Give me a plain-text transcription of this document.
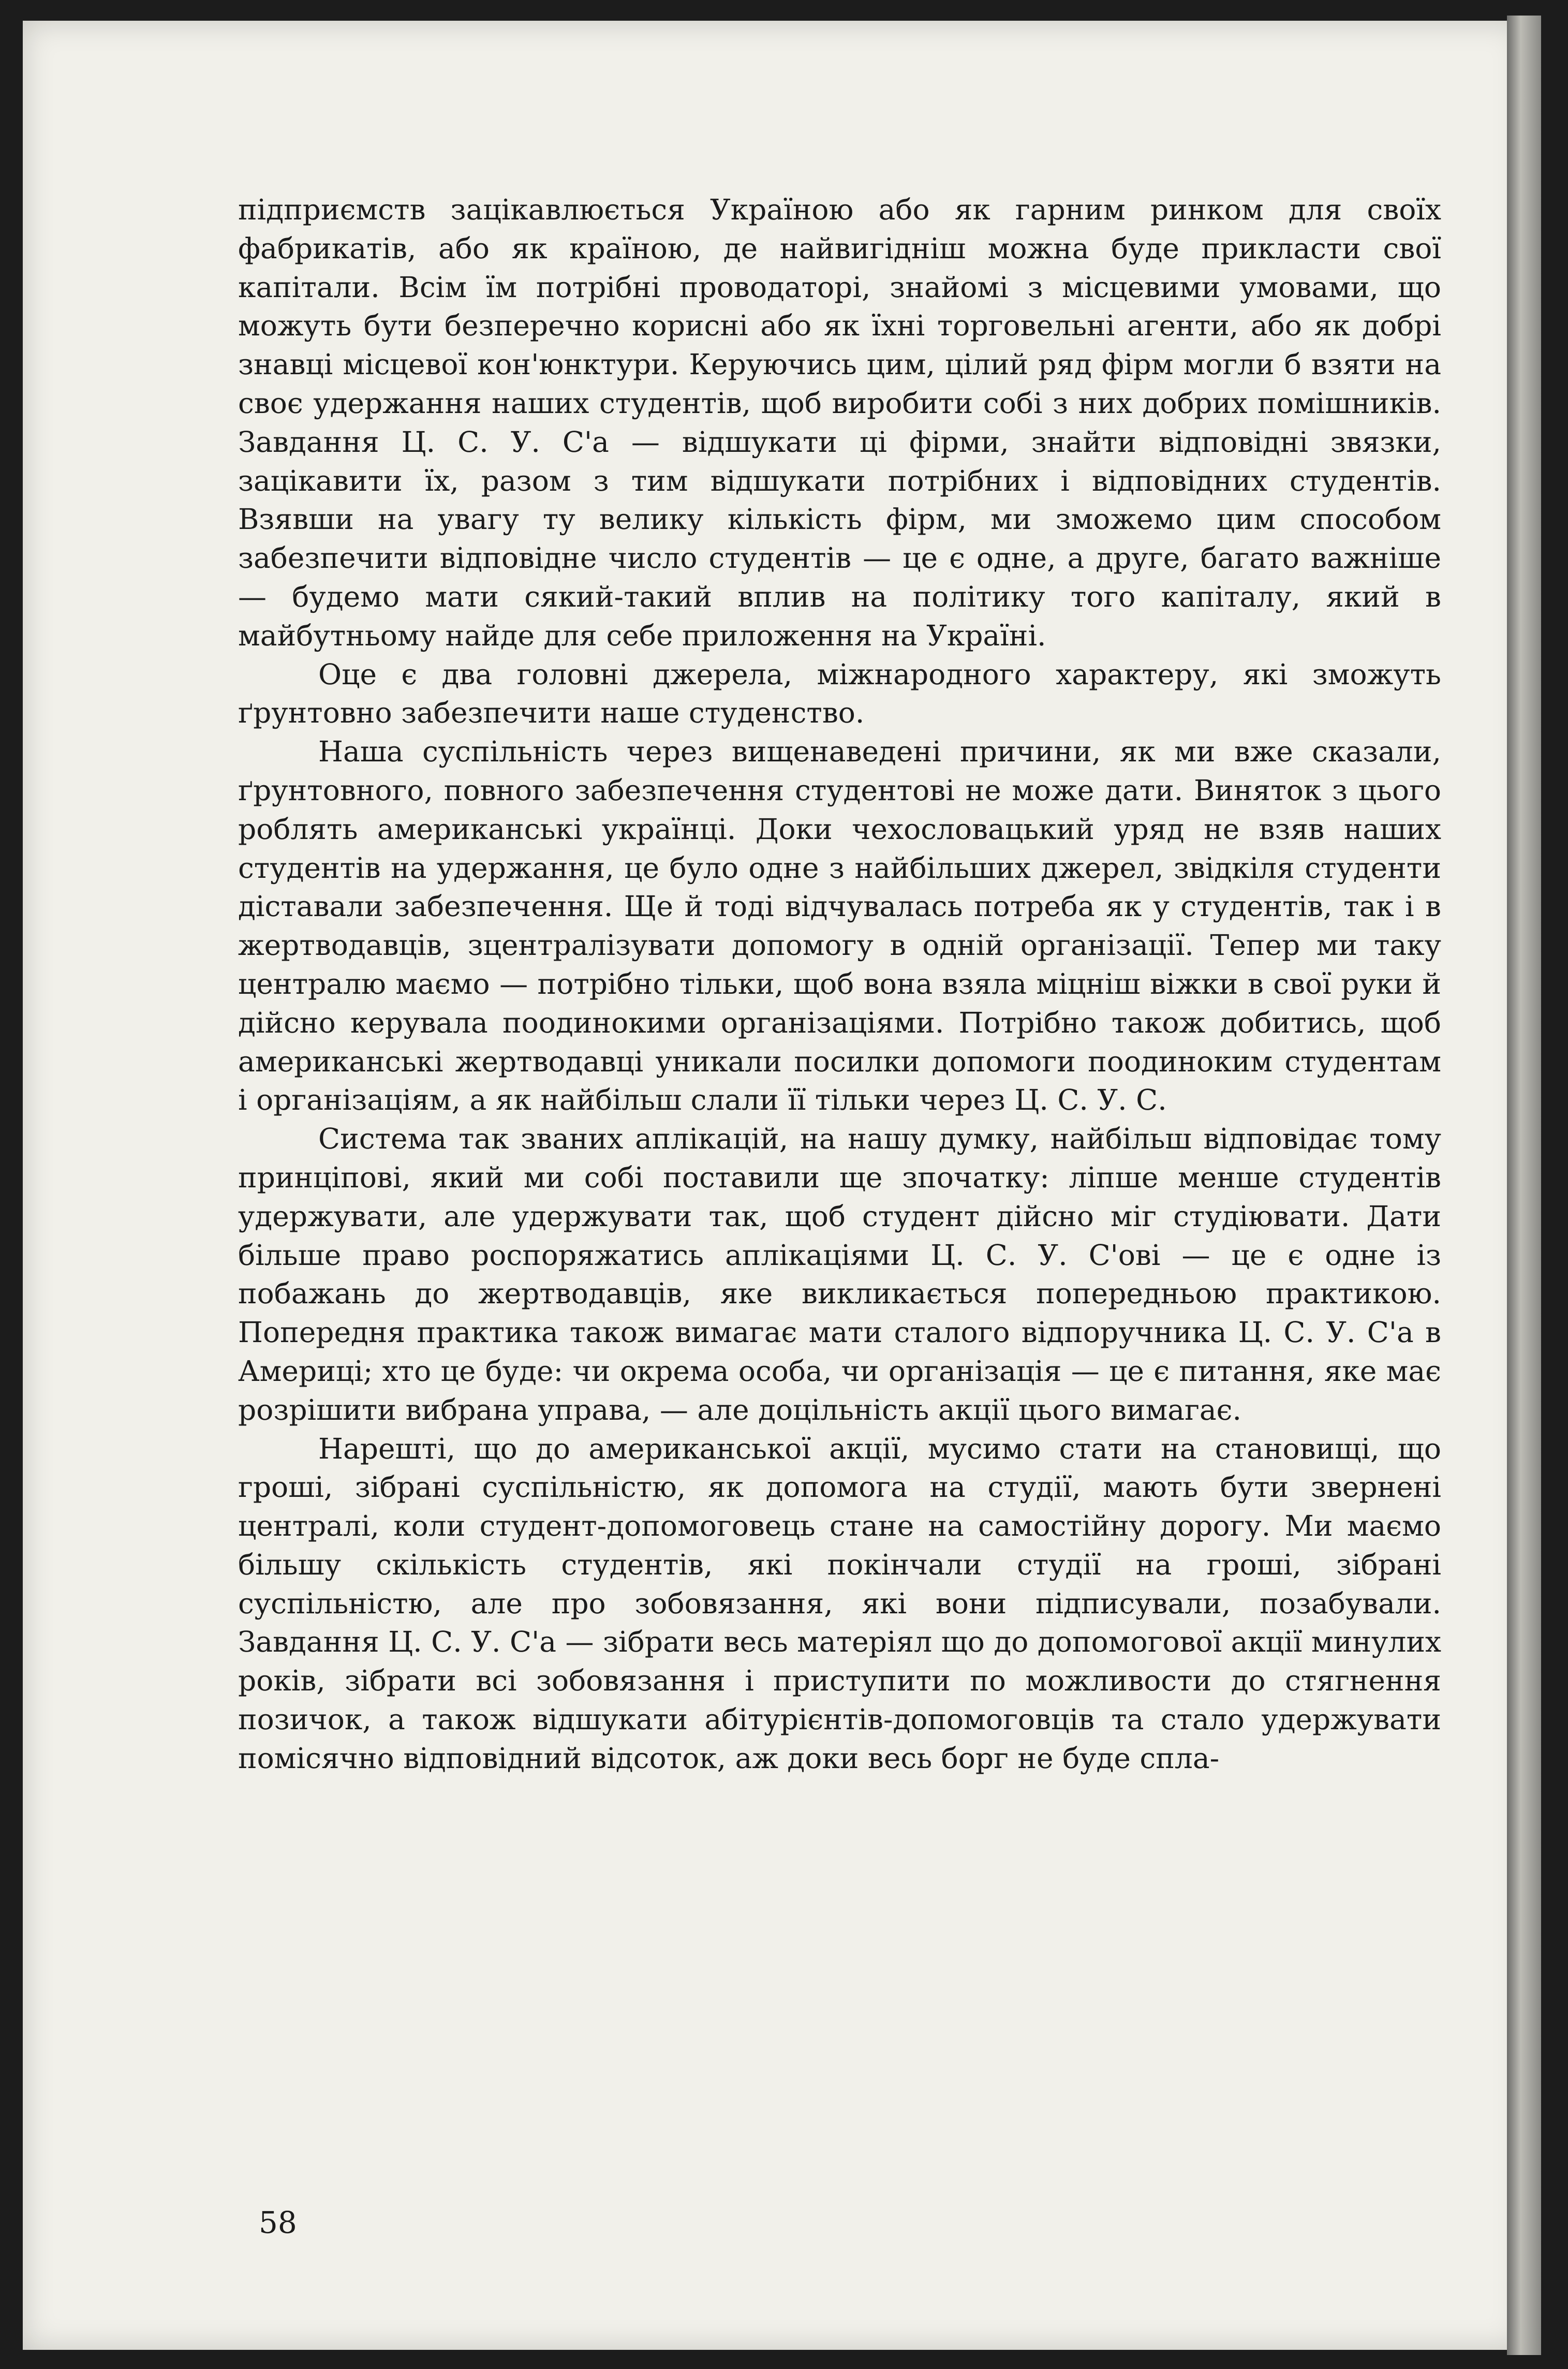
підприємств зацікавлюється Україною або як гарним ринком для своїх фабрикатів, або як країною, де найвигідніш можна буде прикласти свої капітали. Всім їм потрібні проводаторі, знайомі з місцевими умовами, що можуть бути безперечно корисні або як їхні торговельні агенти, або як добрі знавці місцевої кон'юнктури. Керуючись цим, цілий ряд фірм могли б взяти на своє удержання наших студентів, щоб виробити собі з них добрих помішників. Завдання Ц. С. У. С'а — відшукати ці фірми, знайти відповідні звязки, зацікавити їх, разом з тим відшукати потрібних і відповідних студентів. Взявши на увагу ту велику кількість фірм, ми зможемо цим способом забезпечити відповідне число студентів — це є одне, а друге, багато важніше — будемо мати сякий-такий вплив на політику того капіталу, який в майбутньому найде для себе приложення на Україні.

Оце є два головні джерела, міжнародного характеру, які зможуть ґрунтовно забезпечити наше студенство.

Наша суспільність через вищенаведені причини, як ми вже сказали, ґрунтовного, повного забезпечення студентові не може дати. Виняток з цього роблять американські українці. Доки чехословацький уряд не взяв наших студентів на удержання, це було одне з найбільших джерел, звідкіля студенти діставали забезпечення. Ще й тоді відчувалась потреба як у студентів, так і в жертводавців, зцентралізувати допомогу в одній організації. Тепер ми таку централю маємо — потрібно тільки, щоб вона взяла міцніш віжки в свої руки й дійсно керувала поодинокими організаціями. Потрібно також добитись, щоб американські жертводавці уникали посилки допомоги поодиноким студентам і організаціям, а як найбільш слали її тільки через Ц. С. У. С.

Система так званих аплікацій, на нашу думку, найбільш відповідає тому принціпові, який ми собі поставили ще зпочатку: ліпше менше студентів удержувати, але удержувати так, щоб студент дійсно міг студіювати. Дати більше право роспоряжатись аплікаціями Ц. С. У. С'ові — це є одне із побажань до жертводавців, яке викликається попередньою практикою. Попередня практика також вимагає мати сталого відпоручника Ц. С. У. С'а в Америці; хто це буде: чи окрема особа, чи організація — це є питання, яке має розрішити вибрана управа, — але доцільність акції цього вимагає.

Нарешті, що до американської акції, мусимо стати на становищі, що гроші, зібрані суспільністю, як допомога на студії, мають бути звернені централі, коли студент-допомоговець стане на самостійну дорогу. Ми маємо більшу скількість студентів, які покінчали студії на гроші, зібрані суспільністю, але про зобовязання, які вони підписували, позабували. Завдання Ц. С. У. С'а — зібрати весь матеріял що до допомогової акції минулих років, зібрати всі зобовязання і приступити по можливости до стягнення позичок, а також відшукати абітурієнтів-допомоговців та стало удержувати помісячно відповідний відсоток, аж доки весь борг не буде спла-

58
